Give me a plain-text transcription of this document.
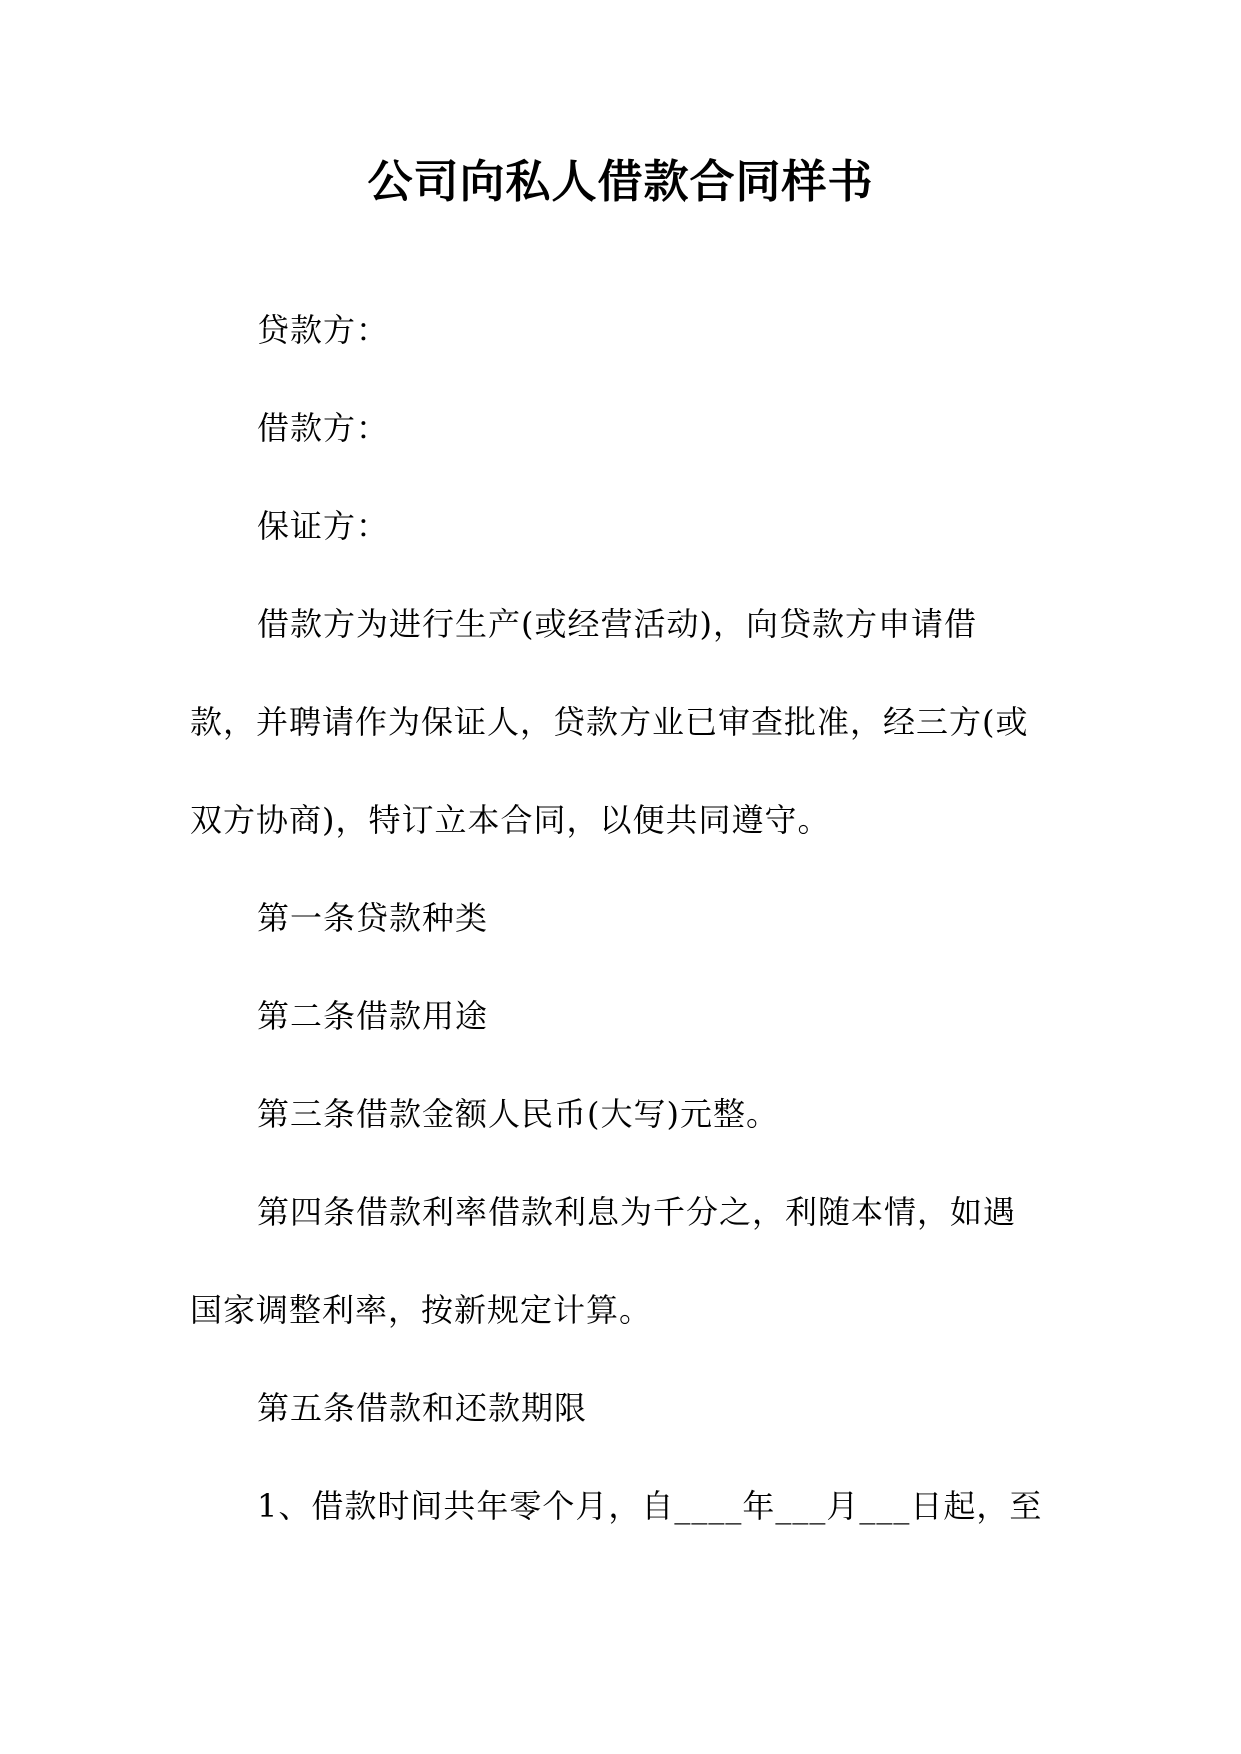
公司向私人借款合同样书

贷款方：

借款方：

保证方：

借款方为进行生产(或经营活动)，向贷款方申请借

款，并聘请作为保证人，贷款方业已审查批准，经三方(或

双方协商)，特订立本合同，以便共同遵守。

第一条贷款种类

第二条借款用途

第三条借款金额人民币(大写)元整。

第四条借款利率借款利息为千分之，利随本情，如遇

国家调整利率，按新规定计算。

第五条借款和还款期限

1、借款时间共年零个月，自____年___月___日起，至
